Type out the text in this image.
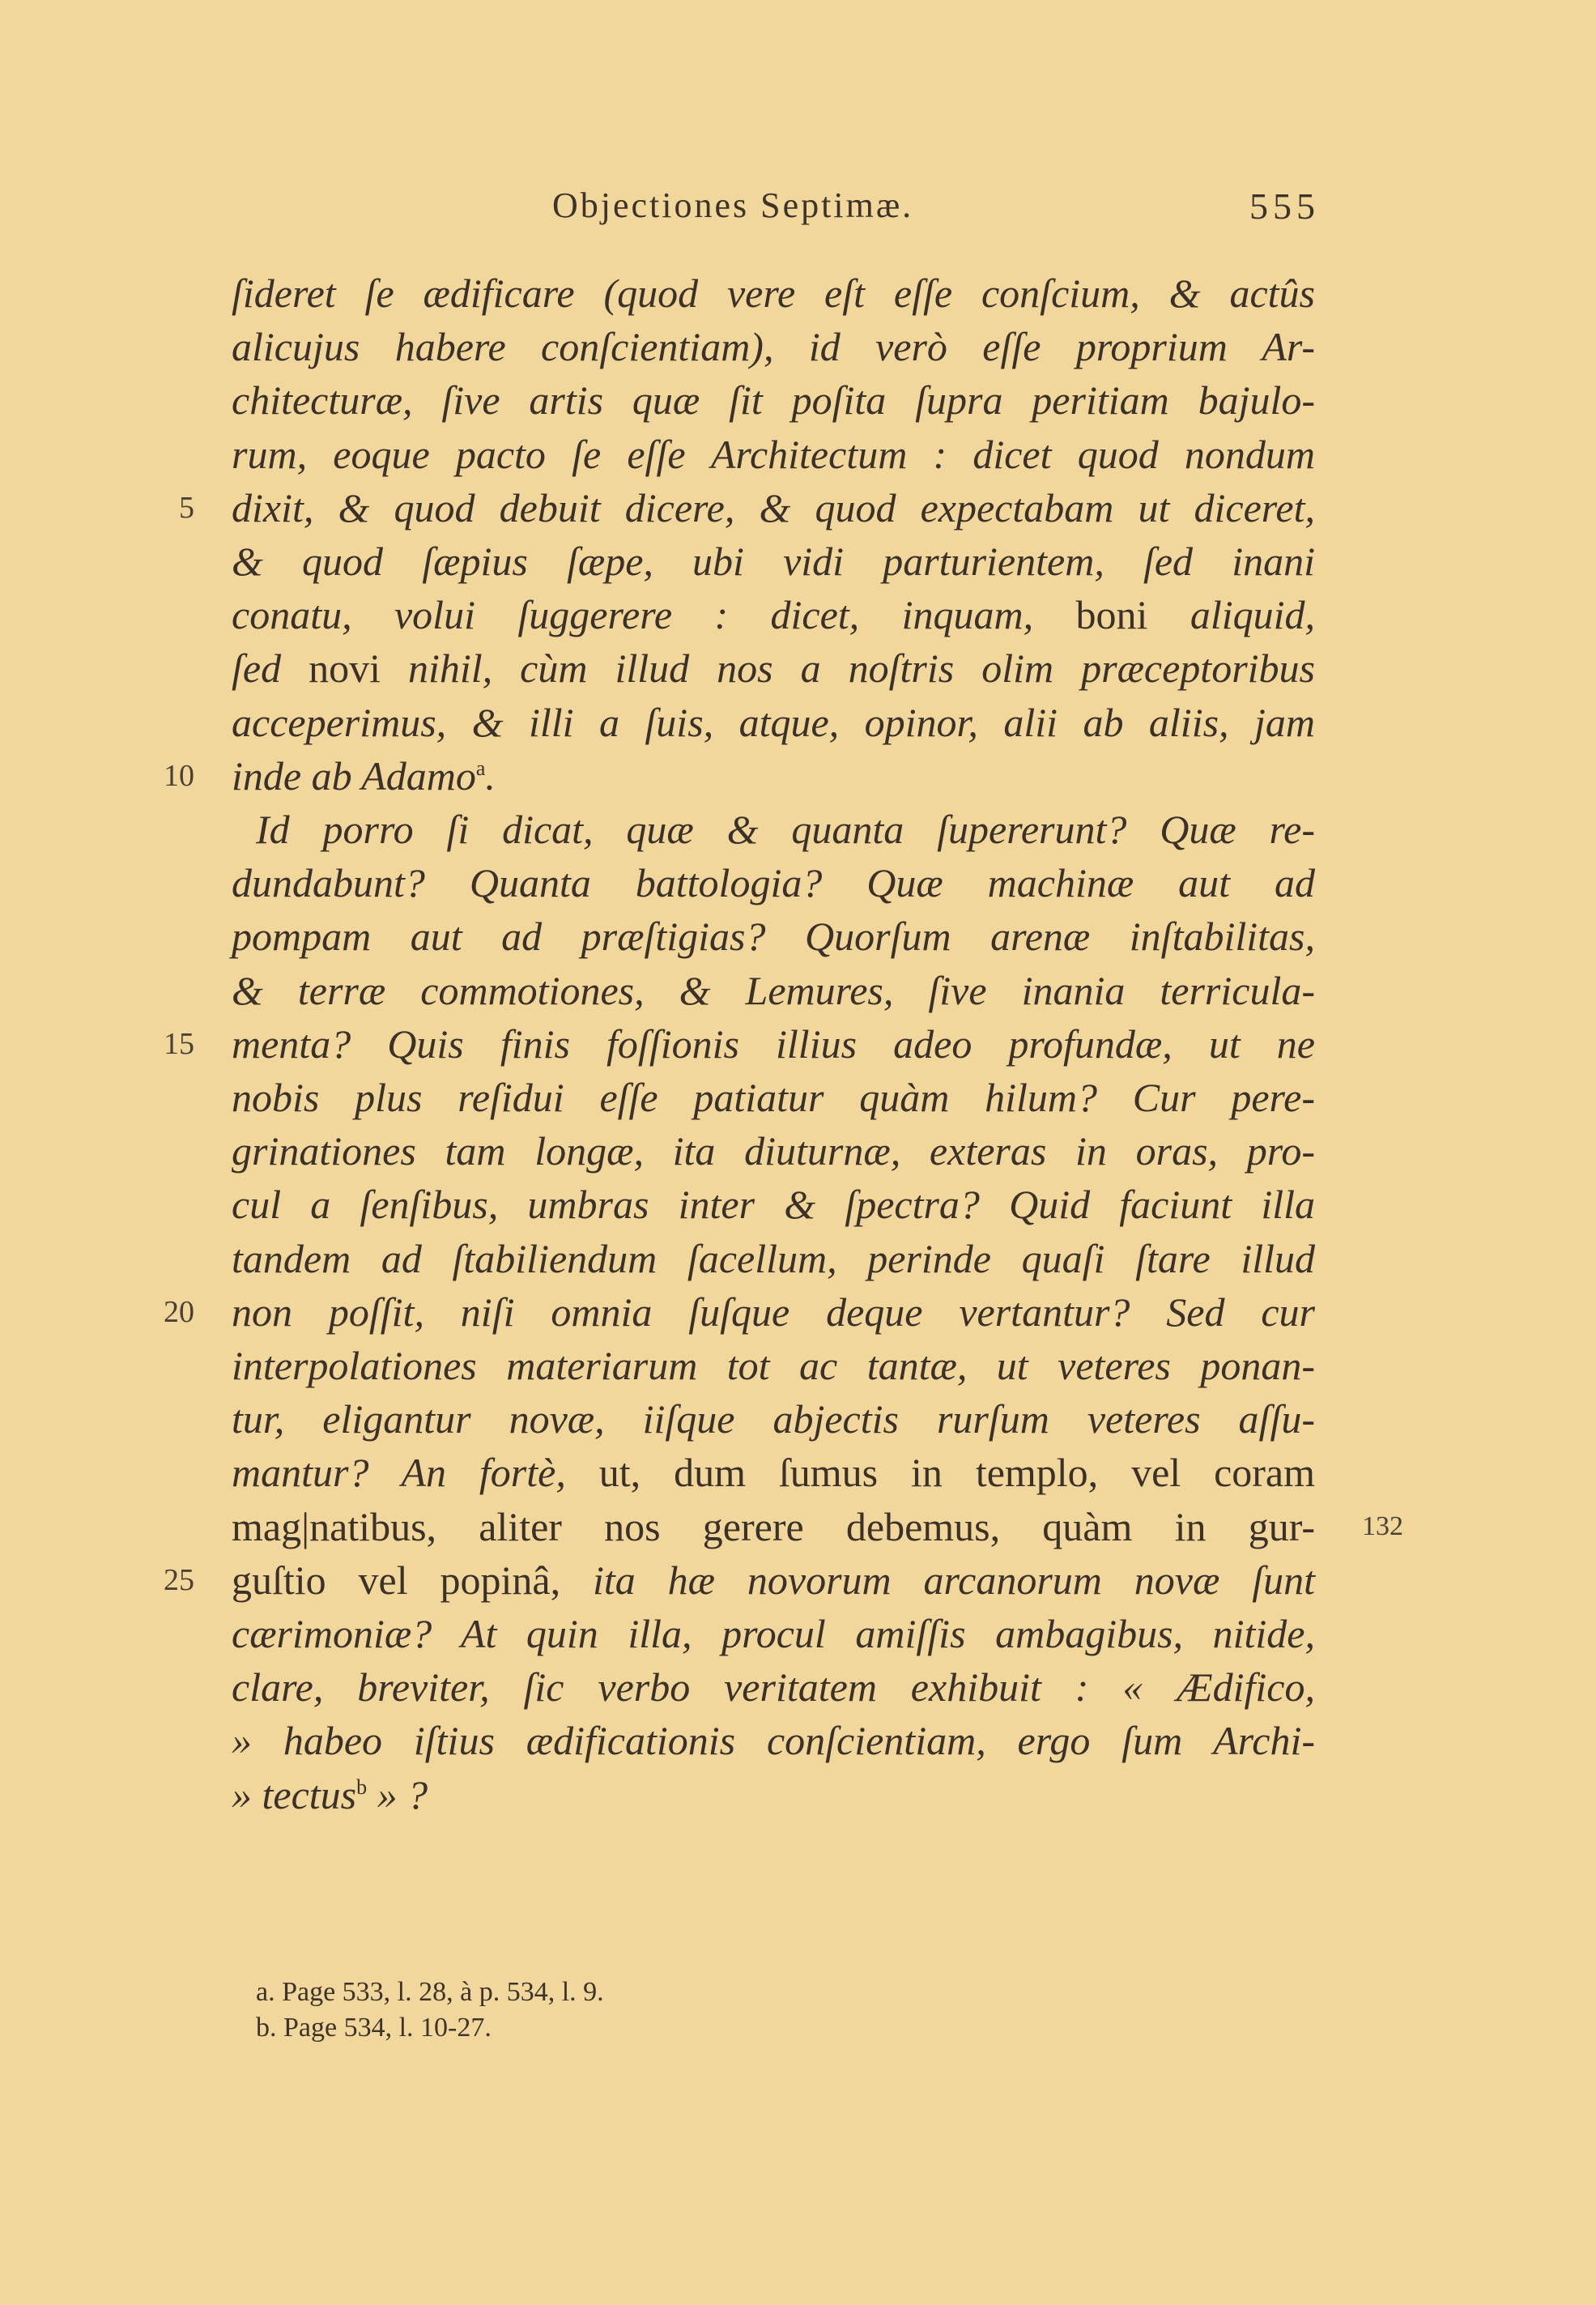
Objectiones Septimæ.	555
ſideret ſe ædificare (quod vere eſt eſſe conſcium, & actûs
alicujus habere conſcientiam), id verò eſſe proprium Ar-
chitecturæ, ſive artis quæ ſit poſita ſupra peritiam bajulo-
rum, eoque pacto ſe eſſe Architectum : dicet quod nondum
dixit, & quod debuit dicere, & quod expectabam ut diceret,
5
& quod ſæpius ſæpe, ubi vidi parturientem, ſed inani
conatu, volui ſuggerere : dicet, inquam, boni aliquid,
ſed novi nihil, cùm illud nos a noſtris olim præceptoribus
acceperimus, & illi a ſuis, atque, opinor, alii ab aliis, jam
inde ab Adamo$^a$.
10
Id porro ſi dicat, quæ & quanta ſupererunt? Quæ re-
dundabunt? Quanta battologia? Quæ machinæ aut ad
pompam aut ad præſtigias? Quorſum arenæ inſtabilitas,
& terræ commotiones, & Lemures, ſive inania terricula-
menta? Quis finis foſſionis illius adeo profundæ, ut ne
15
nobis plus reſidui eſſe patiatur quàm hilum? Cur pere-
grinationes tam longæ, ita diuturnæ, exteras in oras, pro-
cul a ſenſibus, umbras inter & ſpectra? Quid faciunt illa
tandem ad ſtabiliendum ſacellum, perinde quaſi ſtare illud
non poſſit, niſi omnia ſuſque deque vertantur? Sed cur
20
interpolationes materiarum tot ac tantæ, ut veteres ponan-
tur, eligantur novæ, iiſque abjectis rurſum veteres aſſu-
mantur? An fortè, ut, dum ſumus in templo, vel coram
mag|natibus, aliter nos gerere debemus, quàm in gur- 132
guſtio vel popinâ, ita hæ novorum arcanorum novæ ſunt
25
cærimoniæ? At quin illa, procul amiſſis ambagibus, nitide,
clare, breviter, ſic verbo veritatem exhibuit : « Ædifico,
» habeo iſtius ædificationis conſcientiam, ergo ſum Archi-
» tectus$^b$ » ?
a. Page 533, l. 28, à p. 534, l. 9.
b. Page 534, l. 10-27.
